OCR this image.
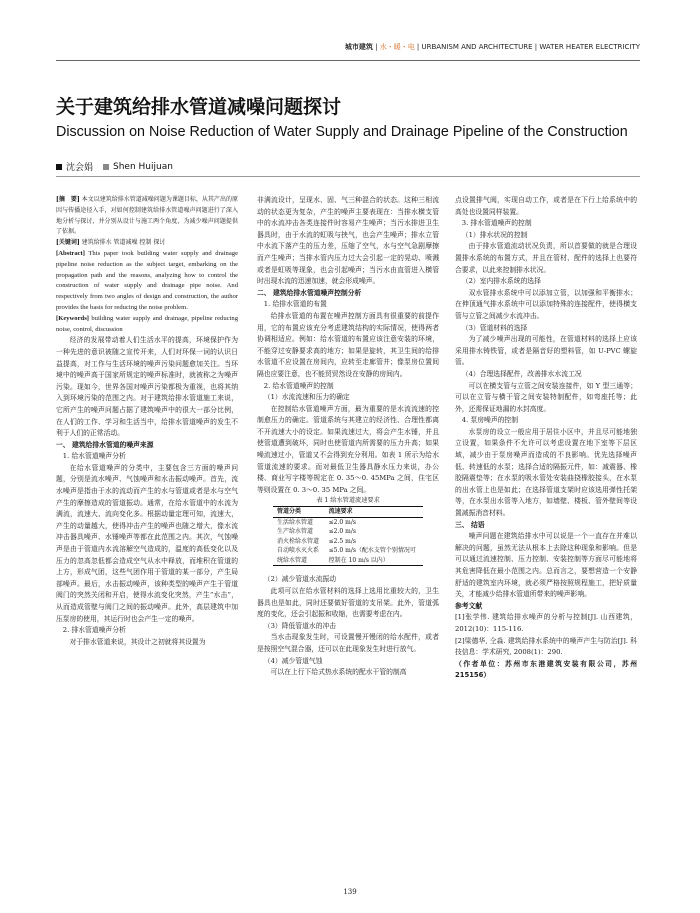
城市建筑 | 水・暖・电 | URBANISM AND ARCHITECTURE | WATER HEATER ELECTRICITY
关于建筑给排水管道减噪问题探讨
Discussion on Noise Reduction of Water Supply and Drainage Pipeline of the Construction
沈会娟 Shen Huijuan

[摘　要] 本文以建筑给排水管道减噪问题为课题目标，从其产出的原因与传播途径入手，对如何控制建筑给排水管道噪声问题进行了深入地分析与探讨，并分别从设计与施工两个角度，为减少噪声问题提供了依据。

[关键词] 建筑给排水 管道减噪 控制 探讨

[Abstract] This paper took building water supply and drainage pipeline noise reduction as the subject target, embarking on the propagation path and the reasons, analyzing how to control the construction of water supply and drainage pipe noise. And respectively from two angles of design and construction, the author provides the basis for reducing the noise problem.

[Keywords] building water supply and drainage, pipeline reducing noise, control, discussion

经济的发展带动着人们生活水平的提高，环境保护作为一种先进的意识被随之宣传开来，人们对环保一词的认识日益提高，对工作与生活环境的噪声污染问题愈加关注。当环境中的噪声高于国家所规定的噪声标准时，就被称之为噪声污染。现如今，世界各国对噪声污染都极为重视，也将其纳入到环境污染的范围之内。对于建筑给排水管道施工来说，它所产生的噪声问题占据了建筑噪声中的很大一部分比例，在人们的工作、学习和生活当中，给排水管道噪声的发生不利于人们的正常活动。

一、 建筑给排水管道的噪声来源

1. 给水管道噪声分析

在给水管道噪声的分类中，主要包含三方面的噪声问题，分别是流水噪声、气蚀噪声和水击振动噪声。首先，流水噪声是指由于水的流动而产生的水与管道或者是水与空气产生的摩擦造成的管道振动。通常，在给水管道中的水流为满流，流速大、流向变化多。根据动量定理可知，流速大，产生的动量越大，使得冲击产生的噪声也随之增大，像水流冲击器具噪声、水锤噪声等都在此范围之内。其次，气蚀噪声是由于管道内水流溶解空气造成的，温度的高低变化以及压力的忽高忽低都会造成空气从水中释放，而堆积在管道的上方，形成气团，这些气团作用于管道的某一部分，产生局部噪声。最后，水击振动噪声，该种类型的噪声产生于管道阀门的突然关闭和开启，使得水流变化突然，产生“水击”，从而造成管壁与阀门之间的振动噪声。此外，高层建筑中加压泵房的使用，其运行时也会产生一定的噪声。

2. 排水管道噪声分析

对于排水管道来说，其设计之初就将其设置为

非满流设计，呈现水、固、气三种混合的状态。这种三相流动的状态更为复杂，产生的噪声主要表现在：当排水横支管中的水流冲击各类连接件时容易产生噪声；当污水排进卫生器具时，由于水流的虹吸与挟气，也会产生噪声；排水立管中水流下落产生的压力差，压缩了空气，水与空气急剧摩擦而产生噪声；当排水管内压力过大会引起一定的晃动、喷溅或者是虹吸等现象，也会引起噪声；当污水由直管进入横管时出现水流的迅速加速，就会形成噪声。

二、 建筑给排水管道噪声控制分析

1. 给排水管道的布置

给排水管道的布置在噪声控制方面具有很重要的前提作用，它的布置应该充分考虑建筑结构的实际情况，使得两者协调相适应。例如：给水管道的布置应该注意安装的环境，不能穿过安静要求高的地方；如果是旋转，其卫生间的给排水管道不应设置在房间内，应转至走廊管井；像泵房位置间隔也应要注意，也不能贸贸然设在安静的房间内。

2. 给水管道噪声的控制

（1）水流流速和压力的确定

在控制给水管道噪声方面，最为重要的是水流流速的控制愈压力的确定。管道系统与其建立的经济性、合理性都离不开流速大小的设定。如果流速过大，将会产生水锤，并且使管道遭到破坏，同时也使管道内所需要的压力升高；如果噪流速过小，管道又不会得到充分利用。如表 1 所示为给水管道流速的要求。而对最低卫生器具静水压力来说，办公楼、商业写字楼等规定在 0. 35～0. 45MPa 之间，住宅区等则设置在 0. 3～0. 35 MPa 之间。

表 1 给水管道流速要求

管道分类	流速要求
生活给水管道	≤2.0 m/s
生产给水管道	≤2.0 m/s
消火栓给水管道	≤2.5 m/s
自动喷水灭火系统给水管道	≤5.0 m/s（配水支管个别情况可控制在 10 m/s 以内）

（2）减少管道水流振动

此项可以在给水管材料的选择上选用比重较大的，卫生器具也是如此，同时还要做好管道的支吊架。此外，管道弧度的变化，还会引起振和收缩，也需要考虑在内。

（3）降低管道水的冲击

当水击现象发生时，可设置慢开慢闭的给水配件，或者是按照空气混合器，还可以在此现象发生时进行放气。

（4）减少管道气蚀

可以在上行下给式热水系统的配水干管的制高

点设置排气阀，实现自动工作，或者是在下行上给系统中的高处也设置同样装置。

3. 排水管道噪声的控制

（1）排水状况的控制

由于排水管道流动状况负责，所以首要做的就是合理设置排水系统的布置方式，并且在管材、配件的选择上也要符合要求，以此来控制排水状况。

（2）室内排水系统的选择

双水管排水系统中可以添加立管，以加强和平衡排水；在伸顶通气排水系统中可以添加特殊的连接配件，使得横支管与立管之间减少水流冲击。

（3）管道材料的选择

为了减少噪声出现的可能性，在管道材料的选择上应该采用排水铸铁管，或者是隔音好的塑料管，如 U-PVC 螺旋管。

（4）合理选择配件，改善排水水流工况

可以在横支管与立管之间安装连接件，如 Y 型三通等；可以在立管与横干管之间安装特制配件，如弯座托等；此外，还需保证地漏的水封高度。

4. 泵房噪声的控制

水泵房的设立一般应用于居住小区中，并且尽可能地独立设置，如果条件不允许可以考虑设置在地下室等下层区域，减少由于泵房噪声而造成的不良影响。优先选择噪声低、转速低的水泵；选择合适的隔振元件，如：减震器、橡胶隔震垫等；在水泵的吸水管处安装曲挠橡胶接头，在水泵的出水管上也是如此；在选择管道支架时应该选用弹性托架等，在水泵出水管等入地方，如墙壁、楼板、管外壁间等设置减振消音材料。

三、 结语

噪声问题在建筑给排水中可以说是一个一直存在并难以解决的问题，虽然无法从根本上去除这种现象和影响。但是可以通过流速控制、压力控制、安装控制等方面尽可能地将其危害降低在最小范围之内。总而言之，要想营造一个安静舒适的建筑室内环境，就必须严格按照规程施工，把好质量关，才能减少给排水管道所带来的噪声影响。

参考文献

[1]张学伟. 建筑给排水噪声的分析与控制[J]. 山西建筑，2012(10)：115-116.

[2]梁德华, 仝淼. 建筑给排水系统中的噪声产生与防治[J]. 科技信息：学术研究, 2008(1)：290.

（作者单位：苏州市东港建筑安装有限公司，苏州 215156）

139
